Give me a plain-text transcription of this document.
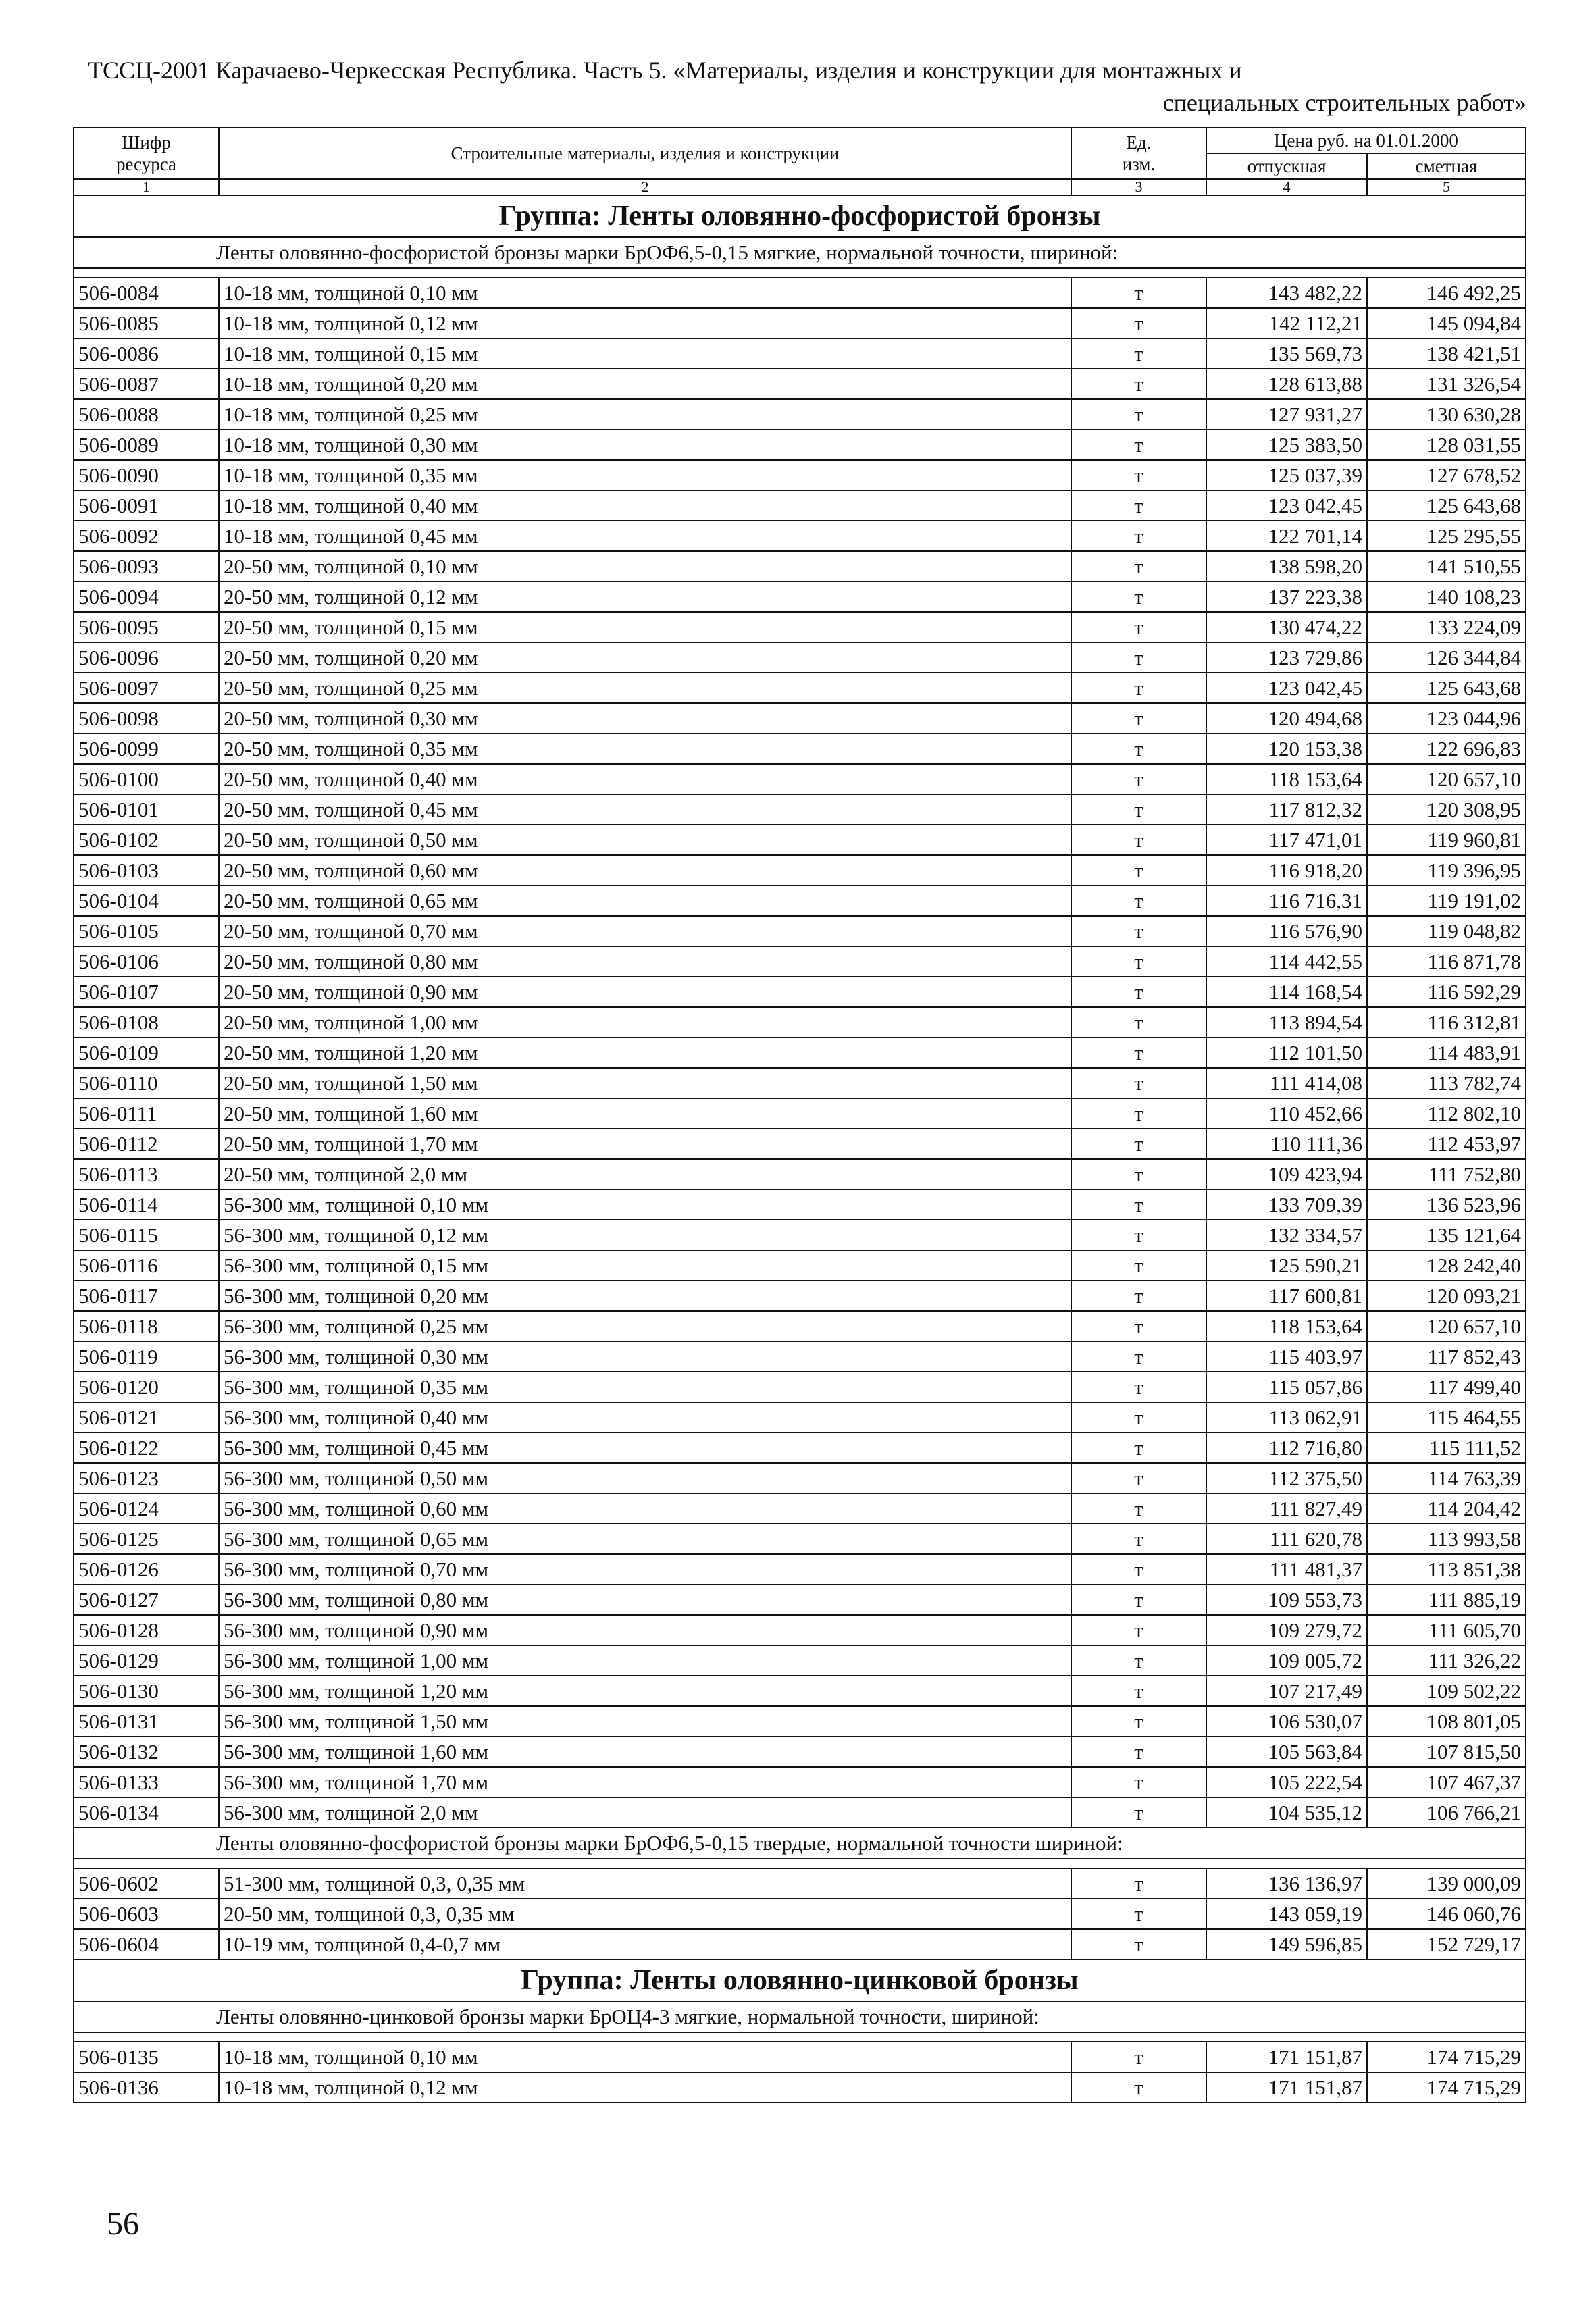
ТССЦ-2001 Карачаево-Черкесская Республика. Часть 5. «Материалы, изделия и конструкции для монтажных и
специальных строительных работ»
Шифр ресурса	Строительные материалы, изделия и конструкции	Ед. изм.	Цена руб. на 01.01.2000	
			отпускная	сметная
1	2	3	4	5
Группа: Ленты оловянно-фосфористой бронзы				
Ленты оловянно-фосфористой бронзы марки БрОФ6,5-0,15 мягкие, нормальной точности, шириной:				

506-0084	10-18 мм, толщиной 0,10 мм	т	143 482,22	146 492,25
506-0085	10-18 мм, толщиной 0,12 мм	т	142 112,21	145 094,84
506-0086	10-18 мм, толщиной 0,15 мм	т	135 569,73	138 421,51
506-0087	10-18 мм, толщиной 0,20 мм	т	128 613,88	131 326,54
506-0088	10-18 мм, толщиной 0,25 мм	т	127 931,27	130 630,28
506-0089	10-18 мм, толщиной 0,30 мм	т	125 383,50	128 031,55
506-0090	10-18 мм, толщиной 0,35 мм	т	125 037,39	127 678,52
506-0091	10-18 мм, толщиной 0,40 мм	т	123 042,45	125 643,68
506-0092	10-18 мм, толщиной 0,45 мм	т	122 701,14	125 295,55
506-0093	20-50 мм, толщиной 0,10 мм	т	138 598,20	141 510,55
506-0094	20-50 мм, толщиной 0,12 мм	т	137 223,38	140 108,23
506-0095	20-50 мм, толщиной 0,15 мм	т	130 474,22	133 224,09
506-0096	20-50 мм, толщиной 0,20 мм	т	123 729,86	126 344,84
506-0097	20-50 мм, толщиной 0,25 мм	т	123 042,45	125 643,68
506-0098	20-50 мм, толщиной 0,30 мм	т	120 494,68	123 044,96
506-0099	20-50 мм, толщиной 0,35 мм	т	120 153,38	122 696,83
506-0100	20-50 мм, толщиной 0,40 мм	т	118 153,64	120 657,10
506-0101	20-50 мм, толщиной 0,45 мм	т	117 812,32	120 308,95
506-0102	20-50 мм, толщиной 0,50 мм	т	117 471,01	119 960,81
506-0103	20-50 мм, толщиной 0,60 мм	т	116 918,20	119 396,95
506-0104	20-50 мм, толщиной 0,65 мм	т	116 716,31	119 191,02
506-0105	20-50 мм, толщиной 0,70 мм	т	116 576,90	119 048,82
506-0106	20-50 мм, толщиной 0,80 мм	т	114 442,55	116 871,78
506-0107	20-50 мм, толщиной 0,90 мм	т	114 168,54	116 592,29
506-0108	20-50 мм, толщиной 1,00 мм	т	113 894,54	116 312,81
506-0109	20-50 мм, толщиной 1,20 мм	т	112 101,50	114 483,91
506-0110	20-50 мм, толщиной 1,50 мм	т	111 414,08	113 782,74
506-0111	20-50 мм, толщиной 1,60 мм	т	110 452,66	112 802,10
506-0112	20-50 мм, толщиной 1,70 мм	т	110 111,36	112 453,97
506-0113	20-50 мм, толщиной 2,0 мм	т	109 423,94	111 752,80
506-0114	56-300 мм, толщиной 0,10 мм	т	133 709,39	136 523,96
506-0115	56-300 мм, толщиной 0,12 мм	т	132 334,57	135 121,64
506-0116	56-300 мм, толщиной 0,15 мм	т	125 590,21	128 242,40
506-0117	56-300 мм, толщиной 0,20 мм	т	117 600,81	120 093,21
506-0118	56-300 мм, толщиной 0,25 мм	т	118 153,64	120 657,10
506-0119	56-300 мм, толщиной 0,30 мм	т	115 403,97	117 852,43
506-0120	56-300 мм, толщиной 0,35 мм	т	115 057,86	117 499,40
506-0121	56-300 мм, толщиной 0,40 мм	т	113 062,91	115 464,55
506-0122	56-300 мм, толщиной 0,45 мм	т	112 716,80	115 111,52
506-0123	56-300 мм, толщиной 0,50 мм	т	112 375,50	114 763,39
506-0124	56-300 мм, толщиной 0,60 мм	т	111 827,49	114 204,42
506-0125	56-300 мм, толщиной 0,65 мм	т	111 620,78	113 993,58
506-0126	56-300 мм, толщиной 0,70 мм	т	111 481,37	113 851,38
506-0127	56-300 мм, толщиной 0,80 мм	т	109 553,73	111 885,19
506-0128	56-300 мм, толщиной 0,90 мм	т	109 279,72	111 605,70
506-0129	56-300 мм, толщиной 1,00 мм	т	109 005,72	111 326,22
506-0130	56-300 мм, толщиной 1,20 мм	т	107 217,49	109 502,22
506-0131	56-300 мм, толщиной 1,50 мм	т	106 530,07	108 801,05
506-0132	56-300 мм, толщиной 1,60 мм	т	105 563,84	107 815,50
506-0133	56-300 мм, толщиной 1,70 мм	т	105 222,54	107 467,37
506-0134	56-300 мм, толщиной 2,0 мм	т	104 535,12	106 766,21
Ленты оловянно-фосфористой бронзы марки БрОФ6,5-0,15 твердые, нормальной точности шириной:				

506-0602	51-300 мм, толщиной 0,3, 0,35 мм	т	136 136,97	139 000,09
506-0603	20-50 мм, толщиной 0,3, 0,35 мм	т	143 059,19	146 060,76
506-0604	10-19 мм, толщиной 0,4-0,7 мм	т	149 596,85	152 729,17
Группа: Ленты оловянно-цинковой бронзы				
Ленты оловянно-цинковой бронзы марки БрОЦ4-3 мягкие, нормальной точности, шириной:				

506-0135	10-18 мм, толщиной 0,10 мм	т	171 151,87	174 715,29
506-0136	10-18 мм, толщиной 0,12 мм	т	171 151,87	174 715,29
56
